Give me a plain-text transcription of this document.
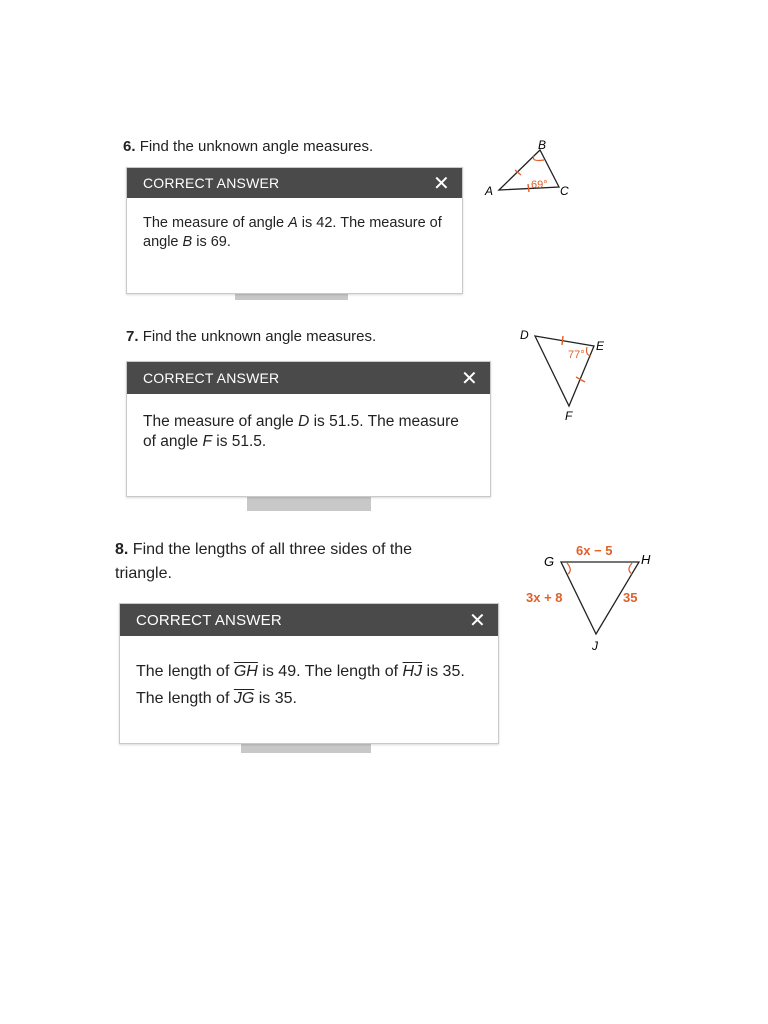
6. Find the unknown angle measures.	B
A	C
69°
CORRECT ANSWER	✕
The measure of angle A is 42. The measure of angle B is 69.
7. Find the unknown angle measures.	D
E
F
77°
CORRECT ANSWER	✕
The measure of angle D is 51.5. The measure of angle F is 51.5.
8. Find the lengths of all three sides of the triangle.
G	H
J
6x − 5
3x + 8	35
CORRECT ANSWER	✕
The length of $\overline{GH}$ is 49. The length of $\overline{HJ}$ is 35. The length of $\overline{JG}$ is 35.
